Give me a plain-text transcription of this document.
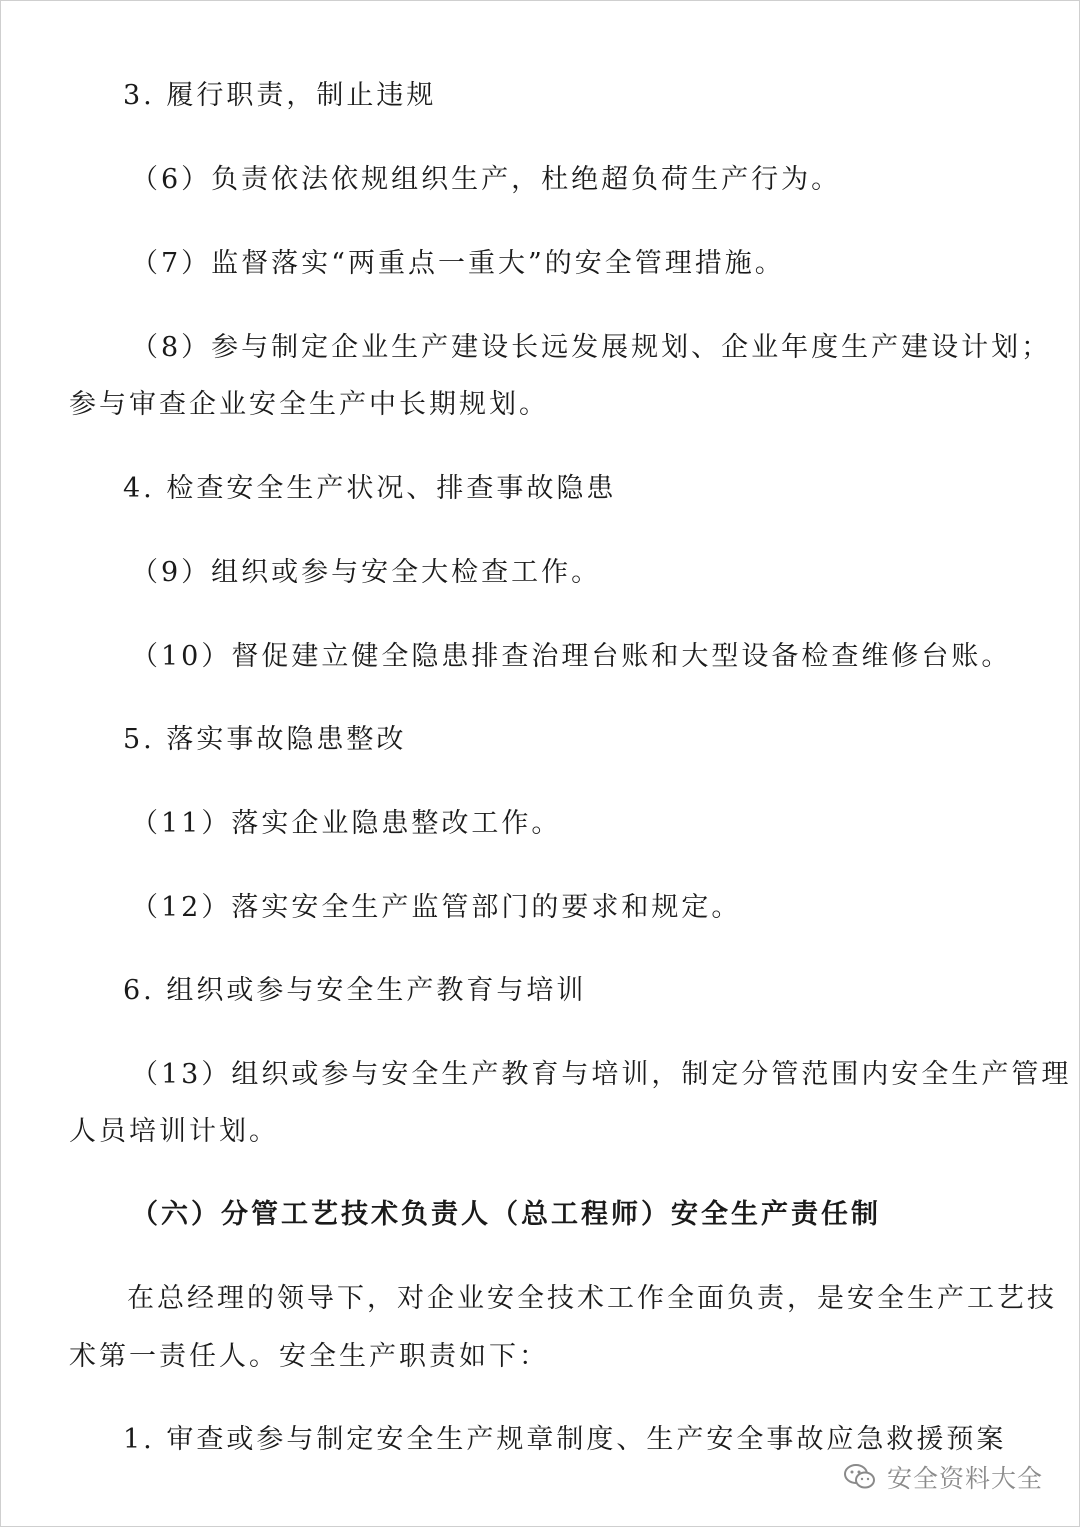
3. 履行职责，制止违规
（6）负责依法依规组织生产，杜绝超负荷生产行为。
（7）监督落实“两重点一重大”的安全管理措施。
（8）参与制定企业生产建设长远发展规划、企业年度生产建设计划；
参与审查企业安全生产中长期规划。
4. 检查安全生产状况、排查事故隐患
（9）组织或参与安全大检查工作。
（10）督促建立健全隐患排查治理台账和大型设备检查维修台账。
5. 落实事故隐患整改
（11）落实企业隐患整改工作。
（12）落实安全生产监管部门的要求和规定。
6. 组织或参与安全生产教育与培训
（13）组织或参与安全生产教育与培训，制定分管范围内安全生产管理
人员培训计划。
（六）分管工艺技术负责人（总工程师）安全生产责任制
在总经理的领导下，对企业安全技术工作全面负责，是安全生产工艺技
术第一责任人。安全生产职责如下：
1. 审查或参与制定安全生产规章制度、生产安全事故应急救援预案
安全资料大全
